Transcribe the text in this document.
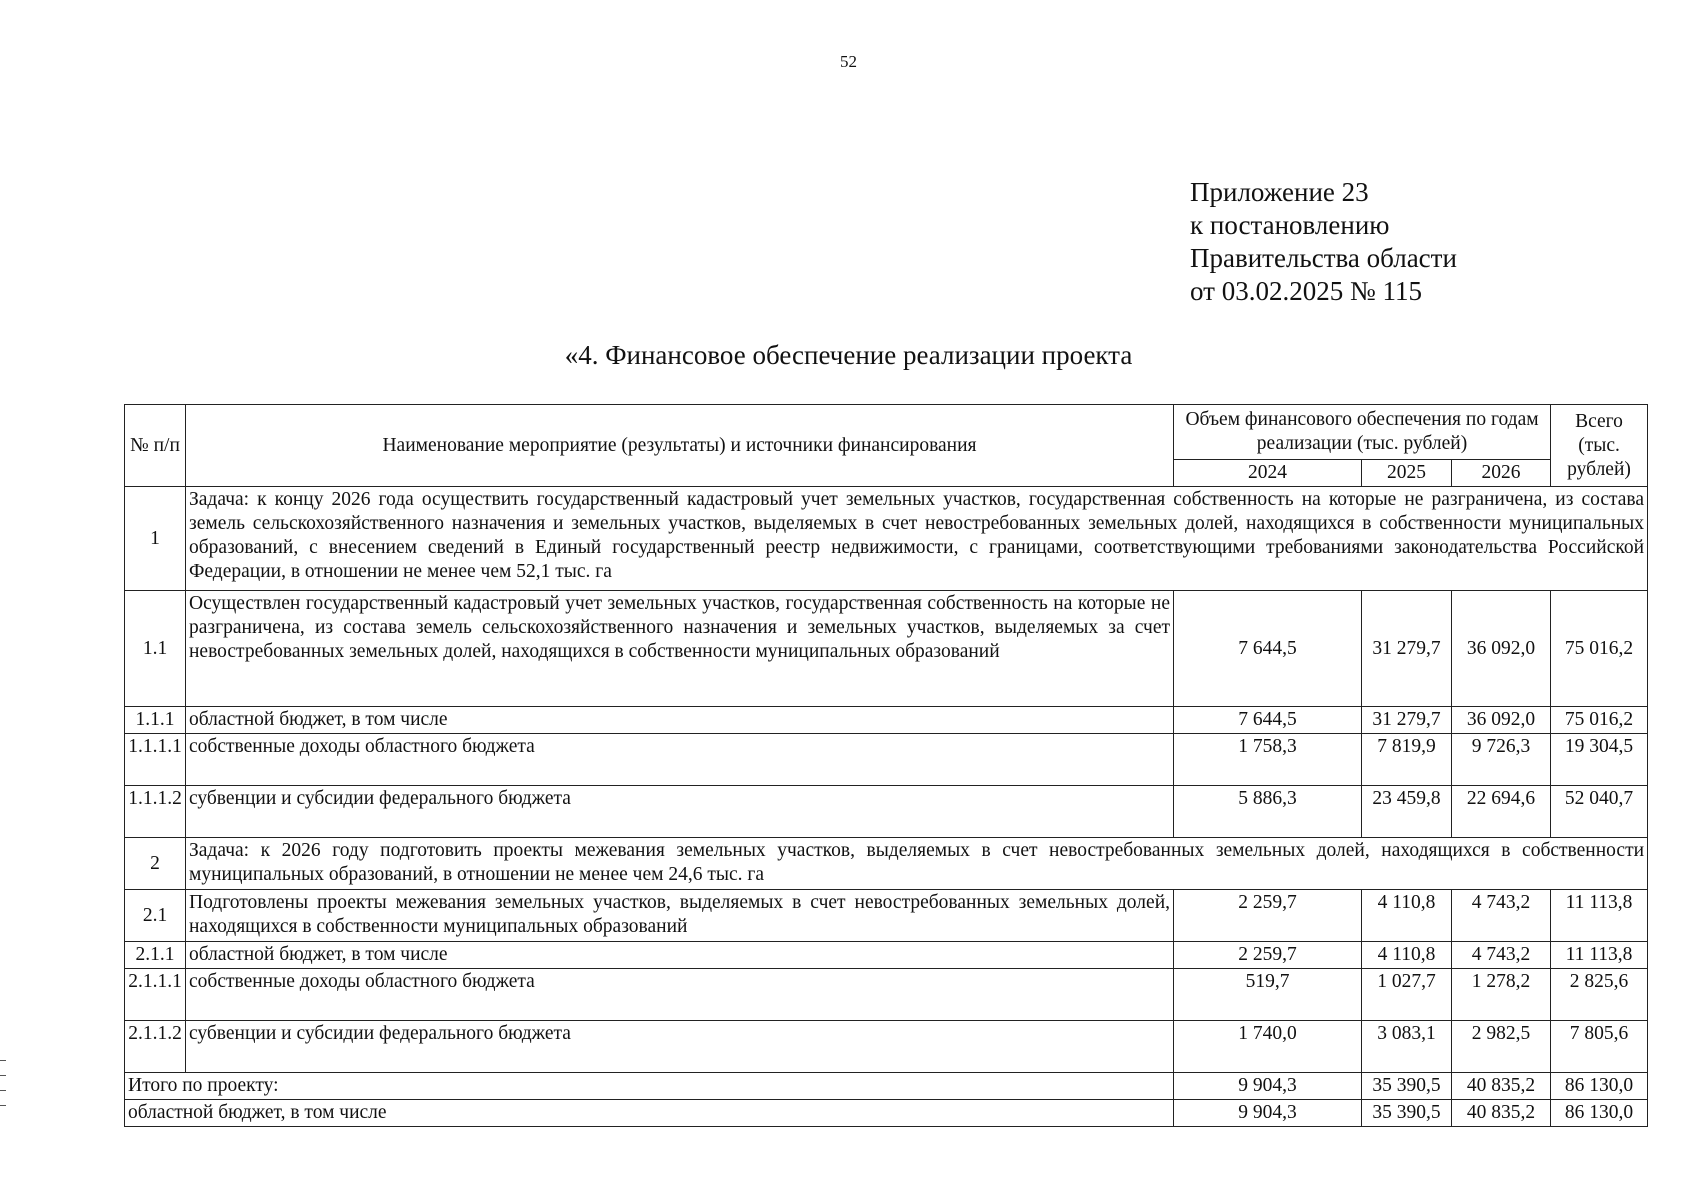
52
Приложение 23
к постановлению
Правительства области
от 03.02.2025 № 115
«4. Финансовое обеспечение реализации проекта
№ п/п	Наименование мероприятие (результаты) и источники финансирования	Объем финансового обеспечения по годам реализации (тыс. рублей)			Всего (тыс. рублей)
		2024	2025	2026	
1	Задача: к концу 2026 года осуществить государственный кадастровый учет земельных участков, государственная собственность на которые не разграничена, из состава земель сельскохозяйственного назначения и земельных участков, выделяемых в счет невостребованных земельных долей, находящихся в собственности муниципальных образований, с внесением сведений в Единый государственный реестр недвижимости, с границами, соответствующими требованиями законодательства Российской Федерации, в отношении не менее чем 52,1 тыс. га				
1.1	Осуществлен государственный кадастровый учет земельных участков, государственная собственность на которые не разграничена, из состава земель сельскохозяйственного назначения и земельных участков, выделяемых за счет невостребованных земельных долей, находящихся в собственности муниципальных образований	7 644,5	31 279,7	36 092,0	75 016,2
1.1.1	областной бюджет, в том числе	7 644,5	31 279,7	36 092,0	75 016,2
1.1.1.1	собственные доходы областного бюджета	1 758,3	7 819,9	9 726,3	19 304,5
1.1.1.2	субвенции и субсидии федерального бюджета	5 886,3	23 459,8	22 694,6	52 040,7
2	Задача: к 2026 году подготовить проекты межевания земельных участков, выделяемых в счет невостребованных земельных долей, находящихся в собственности муниципальных образований, в отношении не менее чем 24,6 тыс. га				
2.1	Подготовлены проекты межевания земельных участков, выделяемых в счет невостребованных земельных долей, находящихся в собственности муниципальных образований	2 259,7	4 110,8	4 743,2	11 113,8
2.1.1	областной бюджет, в том числе	2 259,7	4 110,8	4 743,2	11 113,8
2.1.1.1	собственные доходы областного бюджета	519,7	1 027,7	1 278,2	2 825,6
2.1.1.2	субвенции и субсидии федерального бюджета	1 740,0	3 083,1	2 982,5	7 805,6
Итого по проекту:		9 904,3	35 390,5	40 835,2	86 130,0
областной бюджет, в том числе		9 904,3	35 390,5	40 835,2	86 130,0
